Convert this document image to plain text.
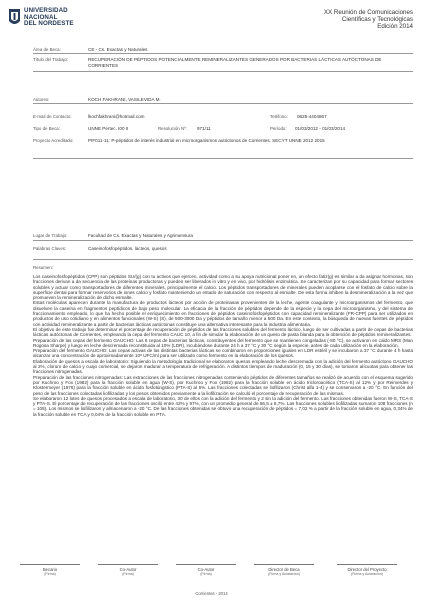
UNIVERSIDAD
NACIONAL
DEL NORDESTE
XX Reunión de Comunicaciones
Científicas y Tecnológicas
Edición 2014
Área de Beca:	CE - Cs. Exactas y Naturales
Título del Trabajo:	RECUPERACIÓN DE PÉPTIDOS POTENCIALMENTE REMINERALIZANTES GENERADOS POR BACTERIAS LÁCTICAS AUTÓCTONAS DE CORRIENTES
Autores:	KOCH FAKHRANI, VASILEVIDA M.
E-mail de Contacto:	lkochfakhrani@hotmail.com	Teléfono: 0625-4404867
Tipo de Beca:	UNNE Pertec. I00 II	Resolución Nº: 971/11	Período: 01/03/2012 - 01/03/2014
Proyecto Acreditado:	PIF011-11: P-péptidos de interés industrial en microorganismos autóctonos de Corrientes. SECYT UNNE 2012 2015
Lugar de Trabajo:	Facultad de Cs. Exactas y Naturales y Agrimensura
Palabras Claves:	Caseinofosfopéptidos, lácteos, quesos
Resumen:

Los caseinofosfopéptidos (CPP) son péptidos SU/(g) con tu activos que ejercen, actividad como a su apoya nutricional poner en, un efecto fatiz(g) es similar a da asignar hormonas, son fracciones derivan a da secuencia de las proteínas productoras y pueden ser liberados in vitro y en vivo, por hidrólisis enzimática. Se caracterizan por su capacidad para formar sectores solubles y actuar como transportadores de diferentes minerales, principalmente el calcio. Los péptidos transportadores de minerales pueden acoplarse con el fosfato de calcio sobre la superficie dental para formar reservorios de iones calcio y fosfato manteniendo un estado de saturación con respecto al esmalte. De esta forma inhiben la desmineralización a la vez que promueven la remineralización de dicho esmalte.

Estas moléculas aparecen durante la manufactura de productos lácteos por acción de proteinasas provenientes de la leche, agente coagulante y microorganismos del fermento, que disuelven la caseína en fragmentos peptídicos de bajo peso molecular. La eficacia de la fracción de péptidos depende de la especie y la cepa del microorganismo, y del sistema de fraccionamiento empleado, lo que ha hecho posible el enriquecimiento en fracciones de péptidos caseinofosfopéptidos con capacidad remineralizante (FR-CPP) para ser utilizados en productos de uso cotidiano y en alimentos funcionales (W-S) (S), de 500-3000 Da y péptidos de tamaño menor a 500 Da. En este contexto, la búsqueda de nuevas fuentes de péptidos con actividad remineralizante a partir de bacterias lácticas autóctonas constituye una alternativa interesante para la industria alimentaria.

El objetivo de este trabajo fue determinar el porcentaje de recuperación de péptidos de las fracciones solubles del fermento láctico, luego de ser cultivadas a partir de cepas de bacterias lácticas autóctonas de Corrientes, empleando la cepa del fermento CAUC 10, a fin de simular la elaboración de un queso de pasta blanda para la obtención de péptidos remineralizantes.

Preparación de las cepas del fermento GAUCHO: Las 6 cepas de bacterias lácticas, constituyentes del fermento que se mantienen congeladas (-80 °C), se activaron en caldo MRS (Man Rogosa Sharpe) y luego en leche descremada reconstituida al 10% (LDR), incubándose durante 24 h a 37 °C y 30 °C según la especie, antes de cada utilización en la elaboración.

Preparación del fermento GAUCHO: Las cepas activas de las distintas bacterias lácticas se combinaron en proporciones iguales en LDR estéril y se incubaron a 37 °C durante 4 h hasta alcanzar una concentración de aproximadamente 10⁸ UFC/ml para ser utilizado como fermento en la elaboración de los quesos.

Elaboración de quesos a escala de laboratorio: Siguiendo la metodología tradicional se elaboraron quesos empleando leche descremada con la adición del fermento autóctono GAUCHO al 2%, cloruro de calcio y cuajo comercial, se dejaron madurar a temperatura de refrigeración. A distintos tiempos de maduración (0, 15 y 30 días), se tomaron alícuotas para obtener las fracciones nitrogenadas.

Preparación de las fracciones nitrogenadas: Las extracciones de las fracciones nitrogenadas conteniendo péptidos de diferentes tamaños se realizó de acuerdo con el esquema sugerido por Kuchroo y Fox (1982) para la fracción soluble en agua (W-S), por Kuchroo y Fox (1982) para la fracción soluble en ácido tricloroacético (TCA-S) al 12% y por Reimerdes y Klostermeyer (1976) para la fracción soluble en ácido fosfotúngstico (PTA-S) al 5%. Las fracciones colectadas se liofilizaron (Christ alfa 1-4) y se conservaron a -20 °C. En función del peso de las fracciones colectadas liofilizadas y los pesos obtenidos previamente a la liofilización se calculó el porcentaje de recuperación de las mismas.

Se elaboraron 12 lotes de quesos procesados a escala de laboratorio, 30 de ellos con la adición del fermento y 2 sin la adición del fermento. Las fracciones obtenidas fueron W-S, TCA-S y PTA-S. El porcentaje de recuperación de las fracciones osciló entre 42% y 97%, con un promedio general de 86,5 ± 6,7%. Las fracciones solubles liofilizadas sumaron 108 fracciones (n = 108). Los mismos se liofilizaron y almacenaron a -20 °C. De las fracciones obtenidas se obtuvo una recuperación de péptidos = 7,02 % a partir de la fracción soluble en agua, 0,34% de la fracción soluble en TCA y 0,04% de la fracción soluble en PTA.

Becario
(Firma)
Co-Autor
(Firma)
Co-Autor
(Firma)
Director de Beca
(Firma y Aclaración)
Director del Proyecto
(Firma y Aclaración)
Corrientes - 2014
